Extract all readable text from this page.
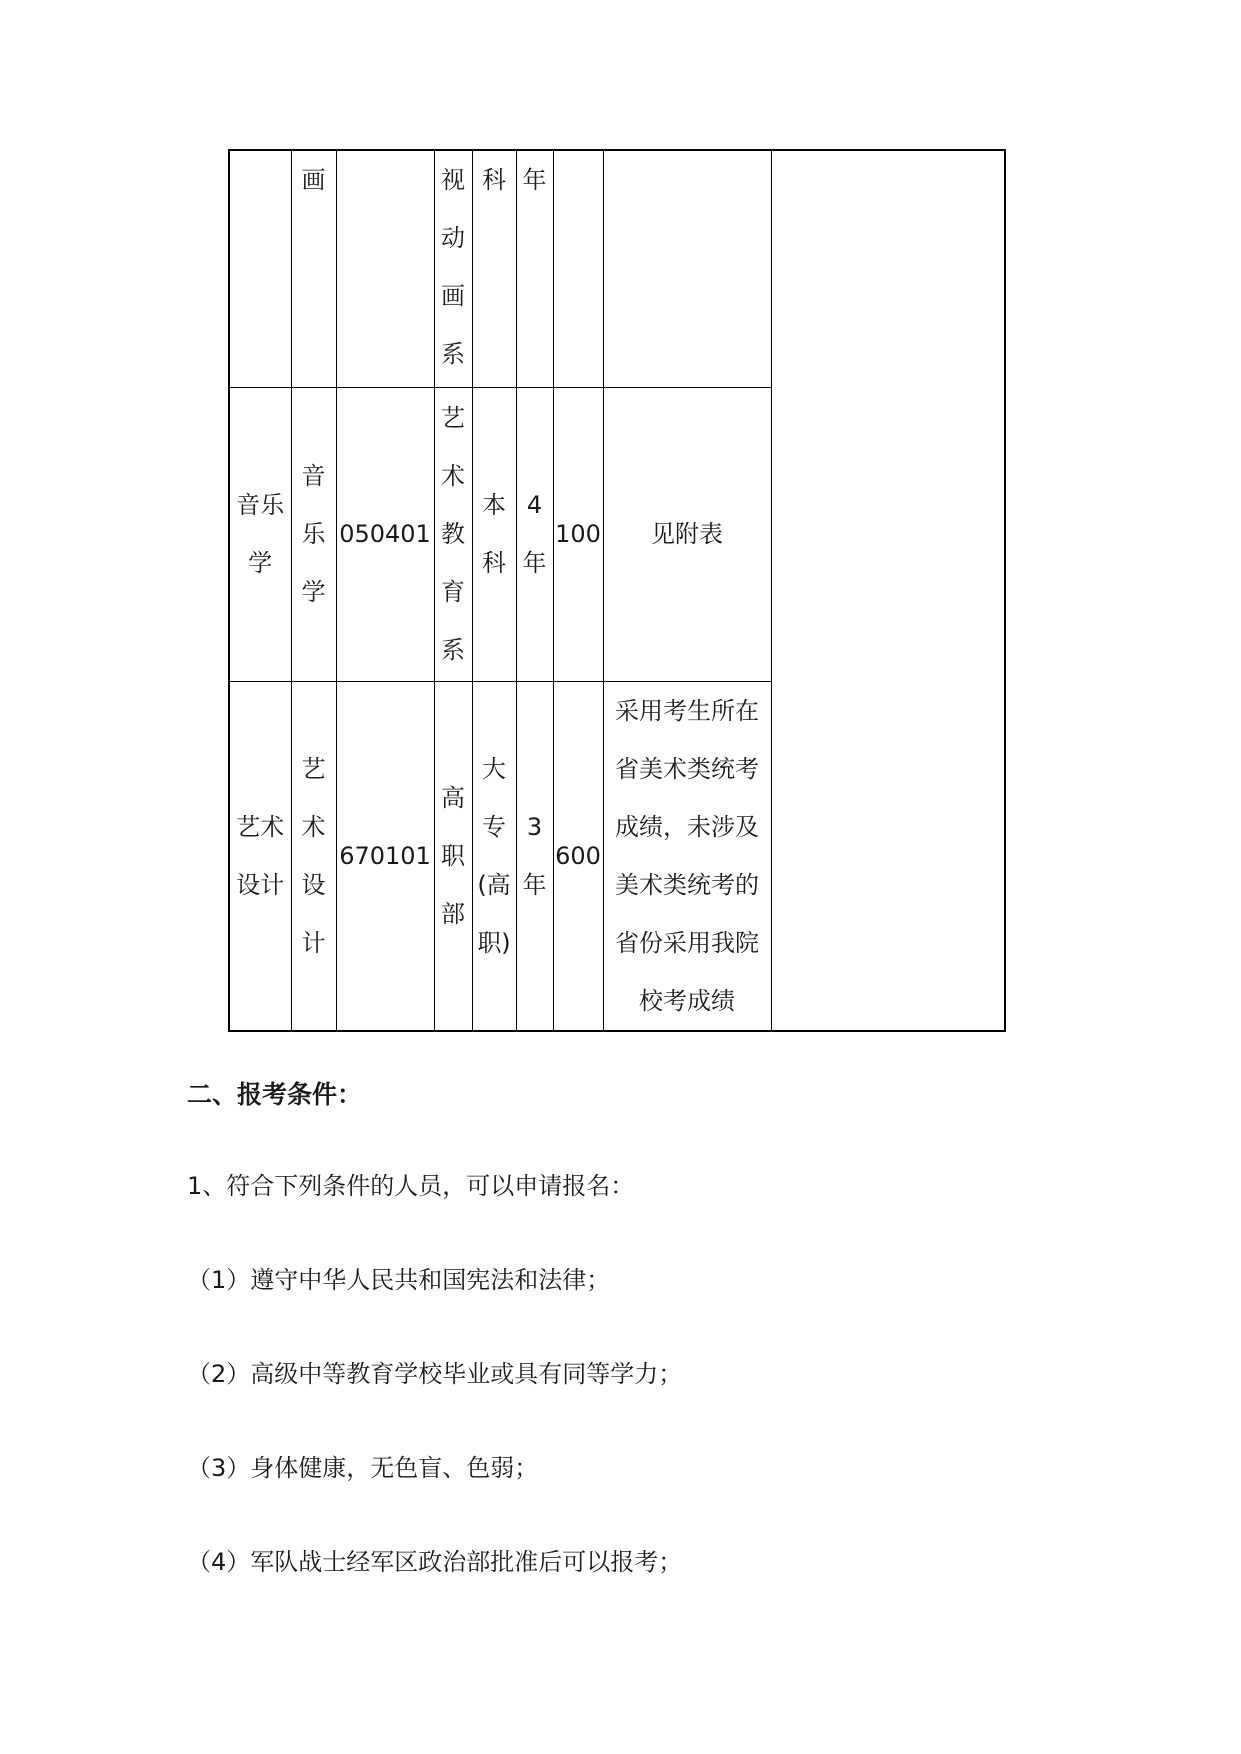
	画		视动画系	科	年			
音乐学	音乐学	050401	艺术教育系	本科	4年	100	见附表	
艺术设计	艺术设计	670101	高职部	大专(高职)	3年	600	采用考生所在省美术类统考成绩，未涉及美术类统考的省份采用我院校考成绩	
二、报考条件：

1、符合下列条件的人员，可以申请报名：

（1）遵守中华人民共和国宪法和法律；

（2）高级中等教育学校毕业或具有同等学力；

（3）身体健康，无色盲、色弱；

（4）军队战士经军区政治部批准后可以报考；
